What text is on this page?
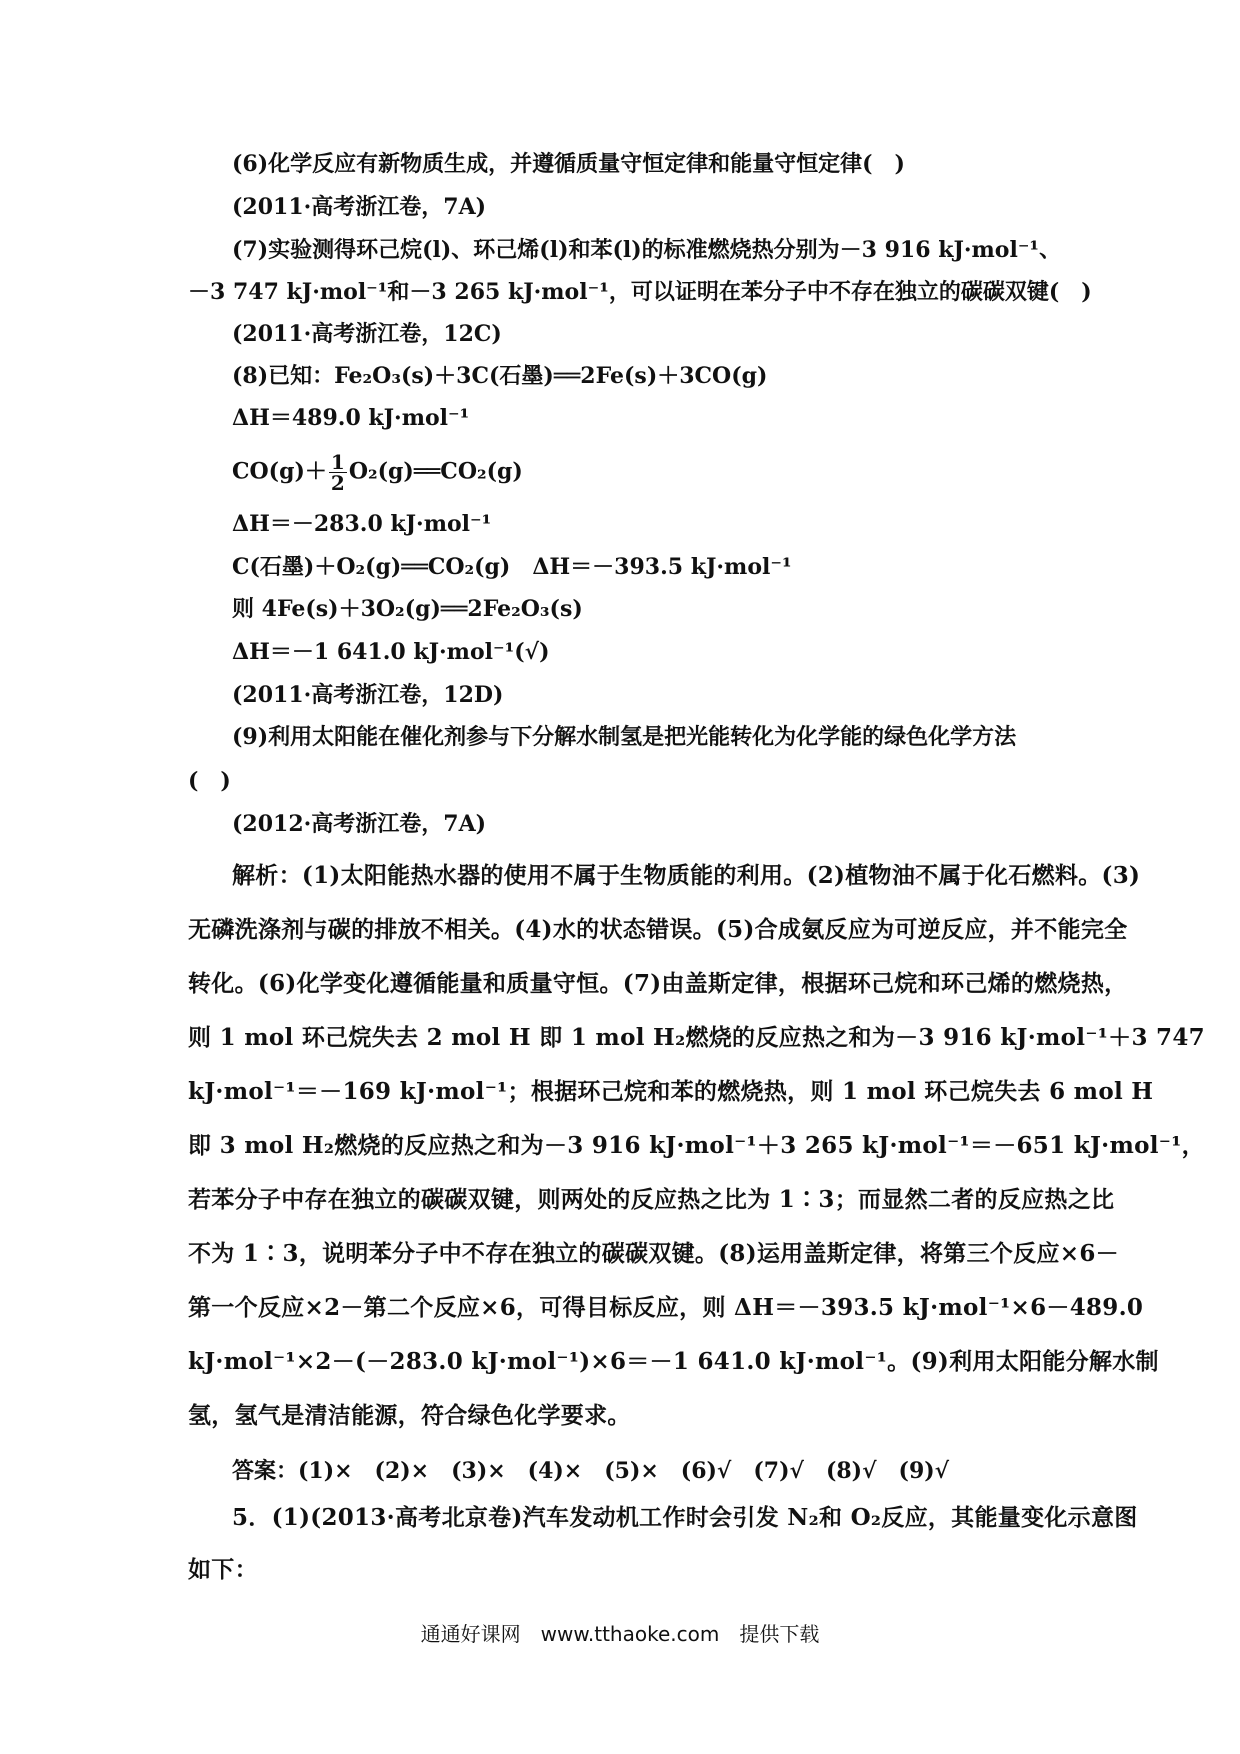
(6)化学反应有新物质生成，并遵循质量守恒定律和能量守恒定律(　)
(2011·高考浙江卷，7A)
(7)实验测得环己烷(l)、环己烯(l)和苯(l)的标准燃烧热分别为－3 916 kJ·mol⁻¹、
－3 747 kJ·mol⁻¹和－3 265 kJ·mol⁻¹，可以证明在苯分子中不存在独立的碳碳双键(　)
(2011·高考浙江卷，12C)
(8)已知：Fe₂O₃(s)＋3C(石墨)══2Fe(s)＋3CO(g)
ΔH＝489.0 kJ·mol⁻¹
$CO(g)+ \frac{1}{2}$ O₂(g)══CO₂(g)
ΔH＝－283.0 kJ·mol⁻¹
C(石墨)＋O₂(g)══CO₂(g)　ΔH＝－393.5 kJ·mol⁻¹
则 4Fe(s)＋3O₂(g)══2Fe₂O₃(s)
ΔH＝－1 641.0 kJ·mol⁻¹(√)
(2011·高考浙江卷，12D)
(9)利用太阳能在催化剂参与下分解水制氢是把光能转化为化学能的绿色化学方法
(　)
(2012·高考浙江卷，7A)
解析：(1)太阳能热水器的使用不属于生物质能的利用。(2)植物油不属于化石燃料。(3)
无磷洗涤剂与碳的排放不相关。(4)水的状态错误。(5)合成氨反应为可逆反应，并不能完全
转化。(6)化学变化遵循能量和质量守恒。(7)由盖斯定律，根据环己烷和环己烯的燃烧热，
则 1 mol 环己烷失去 2 mol H 即 1 mol H₂燃烧的反应热之和为－3 916 kJ·mol⁻¹＋3 747
kJ·mol⁻¹＝－169 kJ·mol⁻¹；根据环己烷和苯的燃烧热，则 1 mol 环己烷失去 6 mol H
即 3 mol H₂燃烧的反应热之和为－3 916 kJ·mol⁻¹＋3 265 kJ·mol⁻¹＝－651 kJ·mol⁻¹，
若苯分子中存在独立的碳碳双键，则两处的反应热之比为 1∶3；而显然二者的反应热之比
不为 1∶3，说明苯分子中不存在独立的碳碳双键。(8)运用盖斯定律，将第三个反应×6－
第一个反应×2－第二个反应×6，可得目标反应，则 ΔH＝－393.5 kJ·mol⁻¹×6－489.0
kJ·mol⁻¹×2－(－283.0 kJ·mol⁻¹)×6＝－1 641.0 kJ·mol⁻¹。(9)利用太阳能分解水制
氢，氢气是清洁能源，符合绿色化学要求。
答案：(1)×　(2)×　(3)×　(4)×　(5)×　(6)√　(7)√　(8)√　(9)√
5．(1)(2013·高考北京卷)汽车发动机工作时会引发 N₂和 O₂反应，其能量变化示意图
如下：
通通好课网　www.tthaoke.com　提供下载
